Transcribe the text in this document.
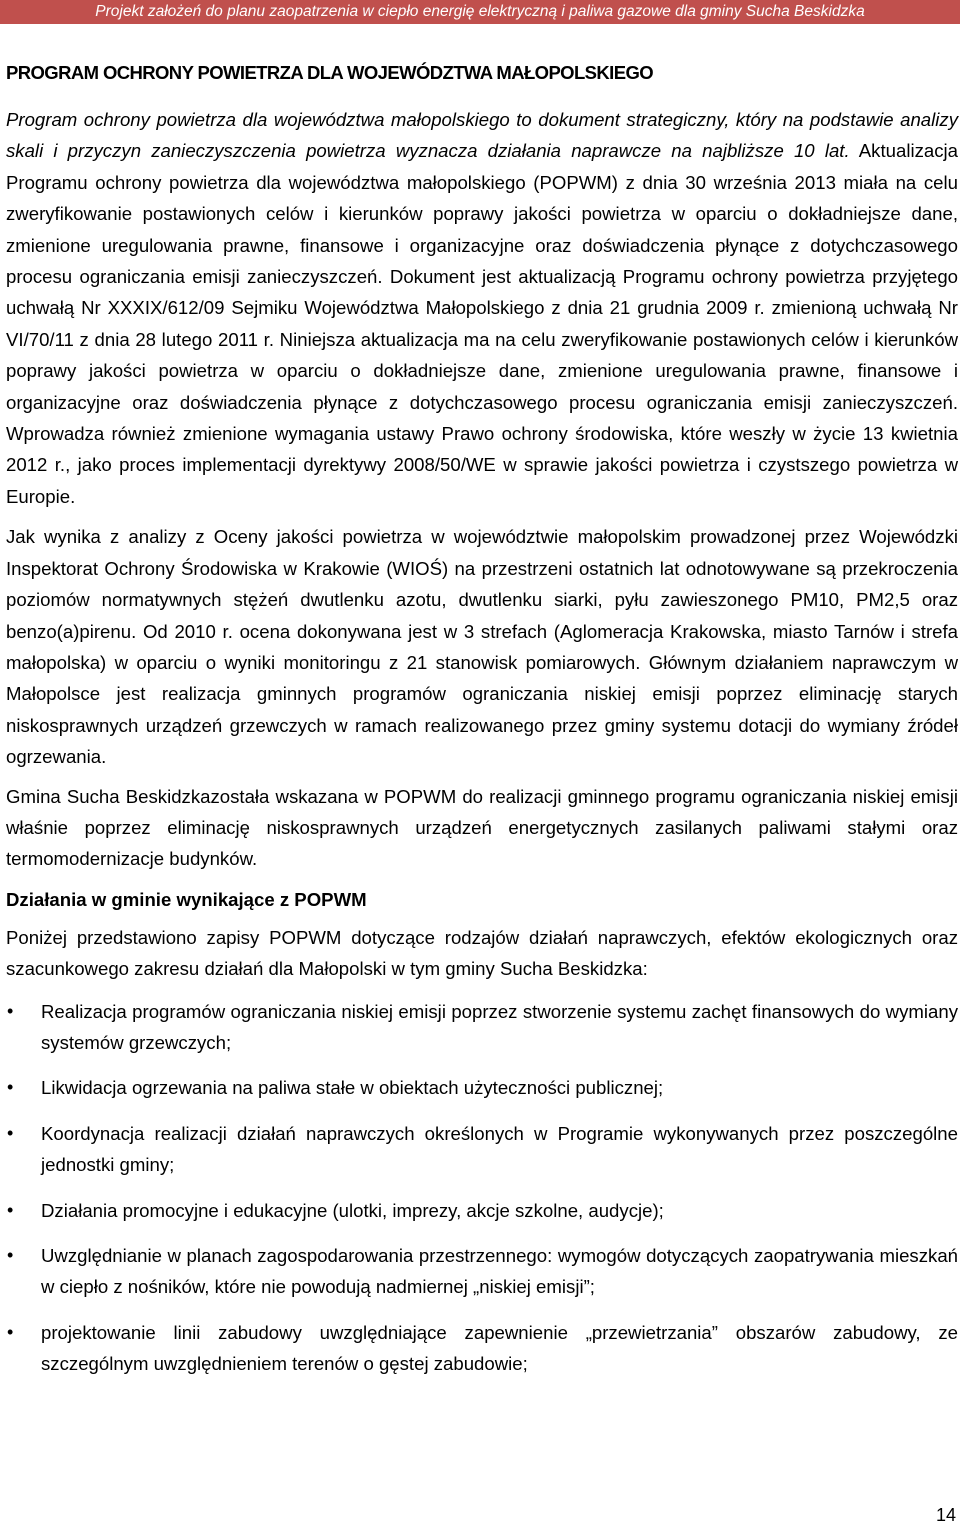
Projekt założeń do planu zaopatrzenia w ciepło energię elektryczną i paliwa gazowe dla gminy Sucha Beskidzka
PROGRAM OCHRONY POWIETRZA DLA WOJEWÓDZTWA MAŁOPOLSKIEGO

Program ochrony powietrza dla województwa małopolskiego to dokument strategiczny, który na podstawie analizy skali i przyczyn zanieczyszczenia powietrza wyznacza działania naprawcze na najbliższe 10 lat. Aktualizacja Programu ochrony powietrza dla województwa małopolskiego (POPWM) z dnia 30 września 2013 miała na celu zweryfikowanie postawionych celów i kierunków poprawy jakości powietrza w oparciu o dokładniejsze dane, zmienione uregulowania prawne, finansowe i organizacyjne oraz doświadczenia płynące z dotychczasowego procesu ograniczania emisji zanieczyszczeń. Dokument jest aktualizacją Programu ochrony powietrza przyjętego uchwałą Nr XXXIX/612/09 Sejmiku Województwa Małopolskiego z dnia 21 grudnia 2009 r. zmienioną uchwałą Nr VI/70/11 z dnia 28 lutego 2011 r. Niniejsza aktualizacja ma na celu zweryfikowanie postawionych celów i kierunków poprawy jakości powietrza w oparciu o dokładniejsze dane, zmienione uregulowania prawne, finansowe i organizacyjne oraz doświadczenia płynące z dotychczasowego procesu ograniczania emisji zanieczyszczeń. Wprowadza również zmienione wymagania ustawy Prawo ochrony środowiska, które weszły w życie 13 kwietnia 2012 r., jako proces implementacji dyrektywy 2008/50/WE w sprawie jakości powietrza i czystszego powietrza w Europie.

Jak wynika z analizy z Oceny jakości powietrza w województwie małopolskim prowadzonej przez Wojewódzki Inspektorat Ochrony Środowiska w Krakowie (WIOŚ) na przestrzeni ostatnich lat odnotowywane są przekroczenia poziomów normatywnych stężeń dwutlenku azotu, dwutlenku siarki, pyłu zawieszonego PM10, PM2,5 oraz benzo(a)pirenu. Od 2010 r. ocena dokonywana jest w 3 strefach (Aglomeracja Krakowska, miasto Tarnów i strefa małopolska) w oparciu o wyniki monitoringu z 21 stanowisk pomiarowych. Głównym działaniem naprawczym w Małopolsce jest realizacja gminnych programów ograniczania niskiej emisji poprzez eliminację starych niskosprawnych urządzeń grzewczych w ramach realizowanego przez gminy systemu dotacji do wymiany źródeł ogrzewania.

Gmina Sucha Beskidzkazostała wskazana w POPWM do realizacji gminnego programu ograniczania niskiej emisji właśnie poprzez eliminację niskosprawnych urządzeń energetycznych zasilanych paliwami stałymi oraz termomodernizacje budynków.

Działania w gminie wynikające z POPWM

Poniżej przedstawiono zapisy POPWM dotyczące rodzajów działań naprawczych, efektów ekologicznych oraz szacunkowego zakresu działań dla Małopolski w tym gminy Sucha Beskidzka:

• Realizacja programów ograniczania niskiej emisji poprzez stworzenie systemu zachęt finansowych do wymiany systemów grzewczych;
• Likwidacja ogrzewania na paliwa stałe w obiektach użyteczności publicznej;
• Koordynacja realizacji działań naprawczych określonych w Programie wykonywanych przez poszczególne jednostki gminy;
• Działania promocyjne i edukacyjne (ulotki, imprezy, akcje szkolne, audycje);
• Uwzględnianie w planach zagospodarowania przestrzennego: wymogów dotyczących zaopatrywania mieszkań w ciepło z nośników, które nie powodują nadmiernej „niskiej emisji”;
• projektowanie linii zabudowy uwzględniające zapewnienie „przewietrzania” obszarów zabudowy, ze szczególnym uwzględnieniem terenów o gęstej zabudowie;
14
